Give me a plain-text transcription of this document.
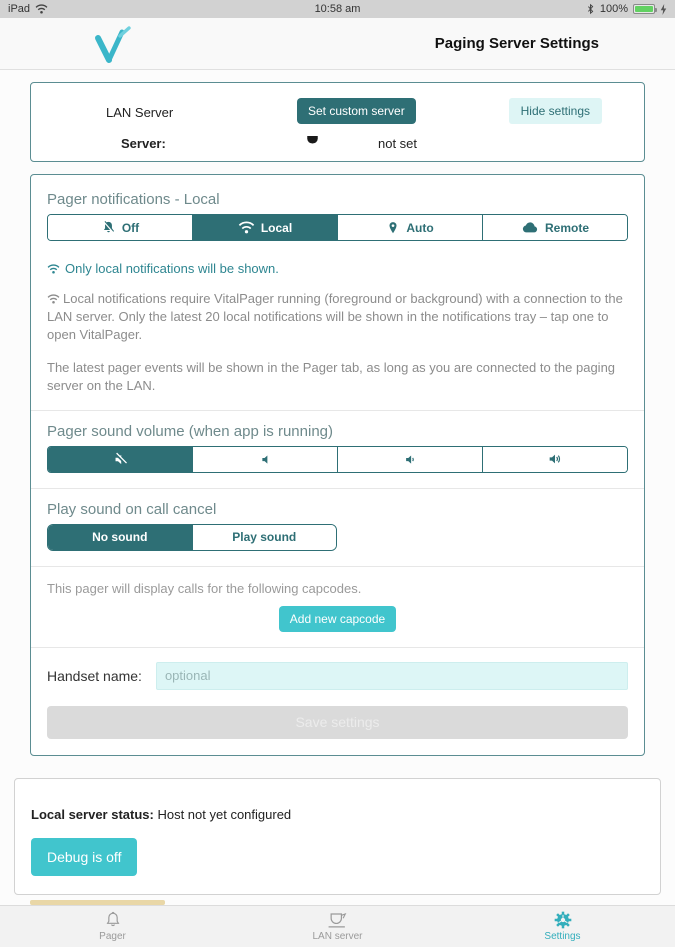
iPad	10:58 am	100%
Paging Server Settings
LAN Server	Set custom server	Hide settings
Server:	not set
Pager notifications - Local
Off	Local	Auto	Remote
Only local notifications will be shown.
Local notifications require VitalPager running (foreground or background) with a connection to the LAN server. Only the latest 20 local notifications will be shown in the notifications tray – tap one to open VitalPager.
The latest pager events will be shown in the Pager tab, as long as you are connected to the paging server on the LAN.
Pager sound volume (when app is running)
Play sound on call cancel
No sound	Play sound
This pager will display calls for the following capcodes.
Add new capcode
Handset name:
optional
Save settings
Local server status: Host not yet configured
Debug is off
Pager	LAN server	Settings
